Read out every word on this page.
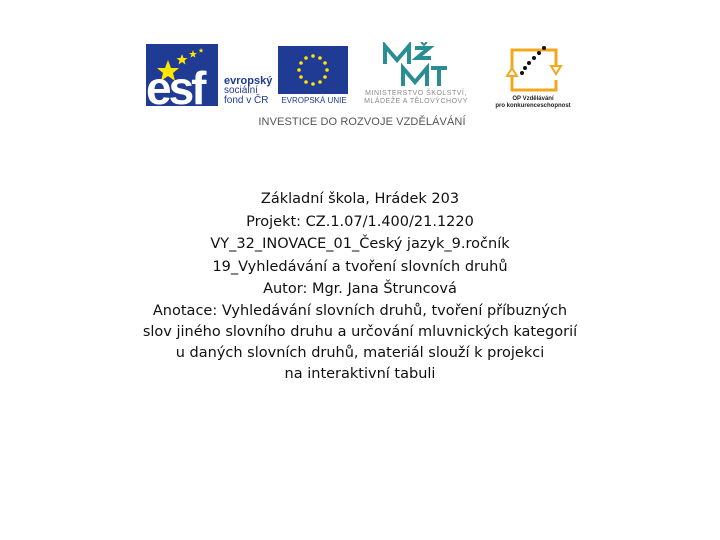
esf evropský
sociální
fond v ČR	EVROPSKÁ UNIE
MINISTERSTVO ŠKOLSTVÍ,
MLÁDEŽE A TĚLOVÝCHOVY	OP Vzdělávání
pro konkurenceschopnost
INVESTICE DO ROZVOJE VZDĚLÁVÁNÍ
Základní škola, Hrádek 203
Projekt: CZ.1.07/1.400/21.1220
VY_32_INOVACE_01_Český jazyk_9.ročník
19_Vyhledávání a tvoření slovních druhů
Autor: Mgr. Jana Štruncová
Anotace: Vyhledávání slovních druhů, tvoření příbuzných
slov jiného slovního druhu a určování mluvnických kategorií
u daných slovních druhů, materiál slouží k projekci
na interaktivní tabuli
